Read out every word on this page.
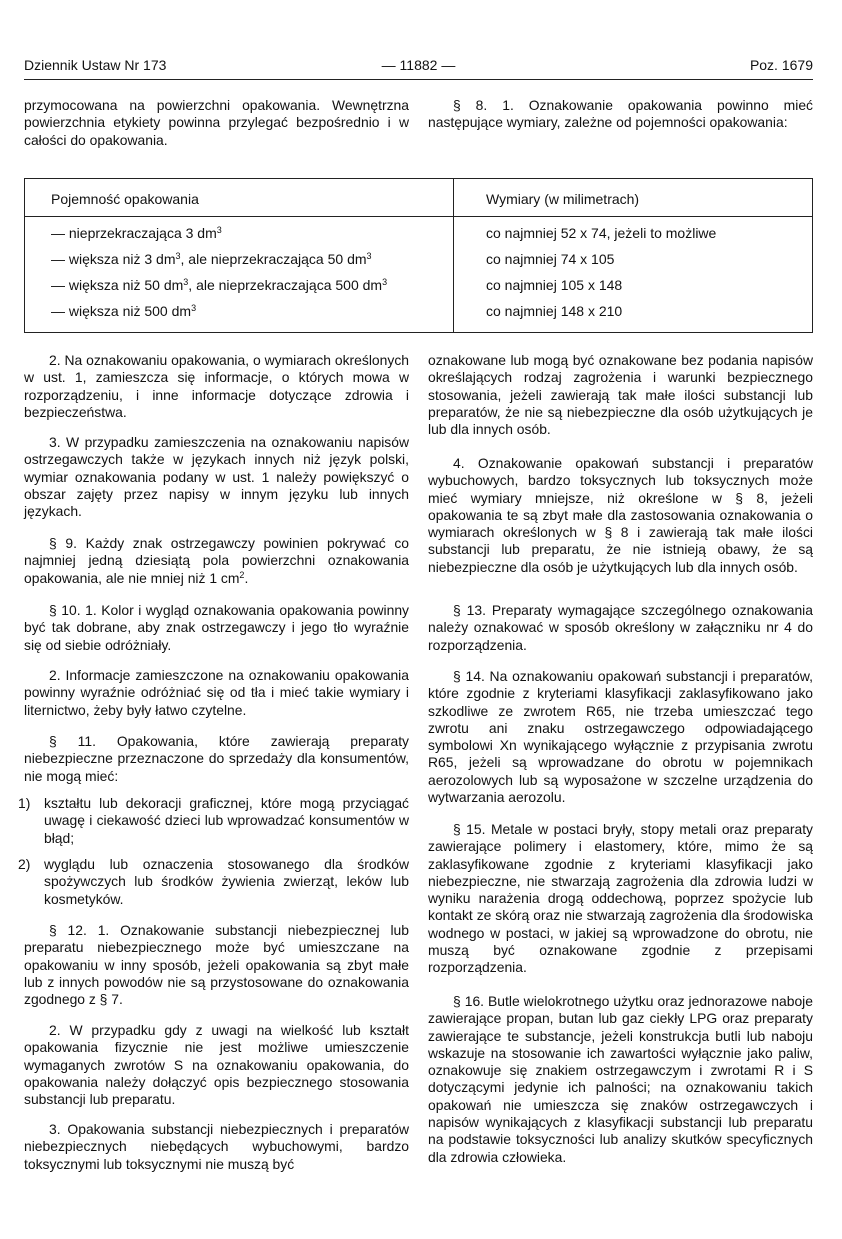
Dziennik Ustaw Nr 173	— 11882 —	Poz. 1679

przymocowana na powierzchni opakowania. Wewnętrzna powierzchnia etykiety powinna przylegać bezpośrednio i w całości do opakowania.

§ 8. 1. Oznakowanie opakowania powinno mieć następujące wymiary, zależne od pojemności opakowania:

Pojemność opakowania	Wymiary (w milimetrach)
— nieprzekraczająca 3 $dm^3$	co najmniej 52 x 74, jeżeli to możliwe
— większa niż 3 $dm^3$, ale nieprzekraczająca 50 $dm^3$	co najmniej 74 x 105
— większa niż 50 $dm^3$, ale nieprzekraczająca 500 $dm^3$	co najmniej 105 x 148
— większa niż 500 $dm^3$	co najmniej 148 x 210

2. Na oznakowaniu opakowania, o wymiarach określonych w ust. 1, zamieszcza się informacje, o których mowa w rozporządzeniu, i inne informacje dotyczące zdrowia i bezpieczeństwa.

3. W przypadku zamieszczenia na oznakowaniu napisów ostrzegawczych także w językach innych niż język polski, wymiar oznakowania podany w ust. 1 należy powiększyć o obszar zajęty przez napisy w innym języku lub innych językach.

§ 9. Każdy znak ostrzegawczy powinien pokrywać co najmniej jedną dziesiątą pola powierzchni oznakowania opakowania, ale nie mniej niż 1 $cm^2$.

§ 10. 1. Kolor i wygląd oznakowania opakowania powinny być tak dobrane, aby znak ostrzegawczy i jego tło wyraźnie się od siebie odróżniały.

2. Informacje zamieszczone na oznakowaniu opakowania powinny wyraźnie odróżniać się od tła i mieć takie wymiary i liternictwo, żeby były łatwo czytelne.

§ 11. Opakowania, które zawierają preparaty niebezpieczne przeznaczone do sprzedaży dla konsumentów, nie mogą mieć:

1) kształtu lub dekoracji graficznej, które mogą przyciągać uwagę i ciekawość dzieci lub wprowadzać konsumentów w błąd;
2) wyglądu lub oznaczenia stosowanego dla środków spożywczych lub środków żywienia zwierząt, leków lub kosmetyków.

§ 12. 1. Oznakowanie substancji niebezpiecznej lub preparatu niebezpiecznego może być umieszczane na opakowaniu w inny sposób, jeżeli opakowania są zbyt małe lub z innych powodów nie są przystosowane do oznakowania zgodnego z § 7.

2. W przypadku gdy z uwagi na wielkość lub kształt opakowania fizycznie nie jest możliwe umieszczenie wymaganych zwrotów S na oznakowaniu opakowania, do opakowania należy dołączyć opis bezpiecznego stosowania substancji lub preparatu.

3. Opakowania substancji niebezpiecznych i preparatów niebezpiecznych niebędących wybuchowymi, bardzo toksycznymi lub toksycznymi nie muszą być

oznakowane lub mogą być oznakowane bez podania napisów określających rodzaj zagrożenia i warunki bezpiecznego stosowania, jeżeli zawierają tak małe ilości substancji lub preparatów, że nie są niebezpieczne dla osób użytkujących je lub dla innych osób.

4. Oznakowanie opakowań substancji i preparatów wybuchowych, bardzo toksycznych lub toksycznych może mieć wymiary mniejsze, niż określone w § 8, jeżeli opakowania te są zbyt małe dla zastosowania oznakowania o wymiarach określonych w § 8 i zawierają tak małe ilości substancji lub preparatu, że nie istnieją obawy, że są niebezpieczne dla osób je użytkujących lub dla innych osób.

§ 13. Preparaty wymagające szczególnego oznakowania należy oznakować w sposób określony w załączniku nr 4 do rozporządzenia.

§ 14. Na oznakowaniu opakowań substancji i preparatów, które zgodnie z kryteriami klasyfikacji zaklasyfikowano jako szkodliwe ze zwrotem R65, nie trzeba umieszczać tego zwrotu ani znaku ostrzegawczego odpowiadającego symbolowi Xn wynikającego wyłącznie z przypisania zwrotu R65, jeżeli są wprowadzane do obrotu w pojemnikach aerozolowych lub są wyposażone w szczelne urządzenia do wytwarzania aerozolu.

§ 15. Metale w postaci bryły, stopy metali oraz preparaty zawierające polimery i elastomery, które, mimo że są zaklasyfikowane zgodnie z kryteriami klasyfikacji jako niebezpieczne, nie stwarzają zagrożenia dla zdrowia ludzi w wyniku narażenia drogą oddechową, poprzez spożycie lub kontakt ze skórą oraz nie stwarzają zagrożenia dla środowiska wodnego w postaci, w jakiej są wprowadzone do obrotu, nie muszą być oznakowane zgodnie z przepisami rozporządzenia.

§ 16. Butle wielokrotnego użytku oraz jednorazowe naboje zawierające propan, butan lub gaz ciekły LPG oraz preparaty zawierające te substancje, jeżeli konstrukcja butli lub naboju wskazuje na stosowanie ich zawartości wyłącznie jako paliw, oznakowuje się znakiem ostrzegawczym i zwrotami R i S dotyczącymi jedynie ich palności; na oznakowaniu takich opakowań nie umieszcza się znaków ostrzegawczych i napisów wynikających z klasyfikacji substancji lub preparatu na podstawie toksyczności lub analizy skutków specyficznych dla zdrowia człowieka.
